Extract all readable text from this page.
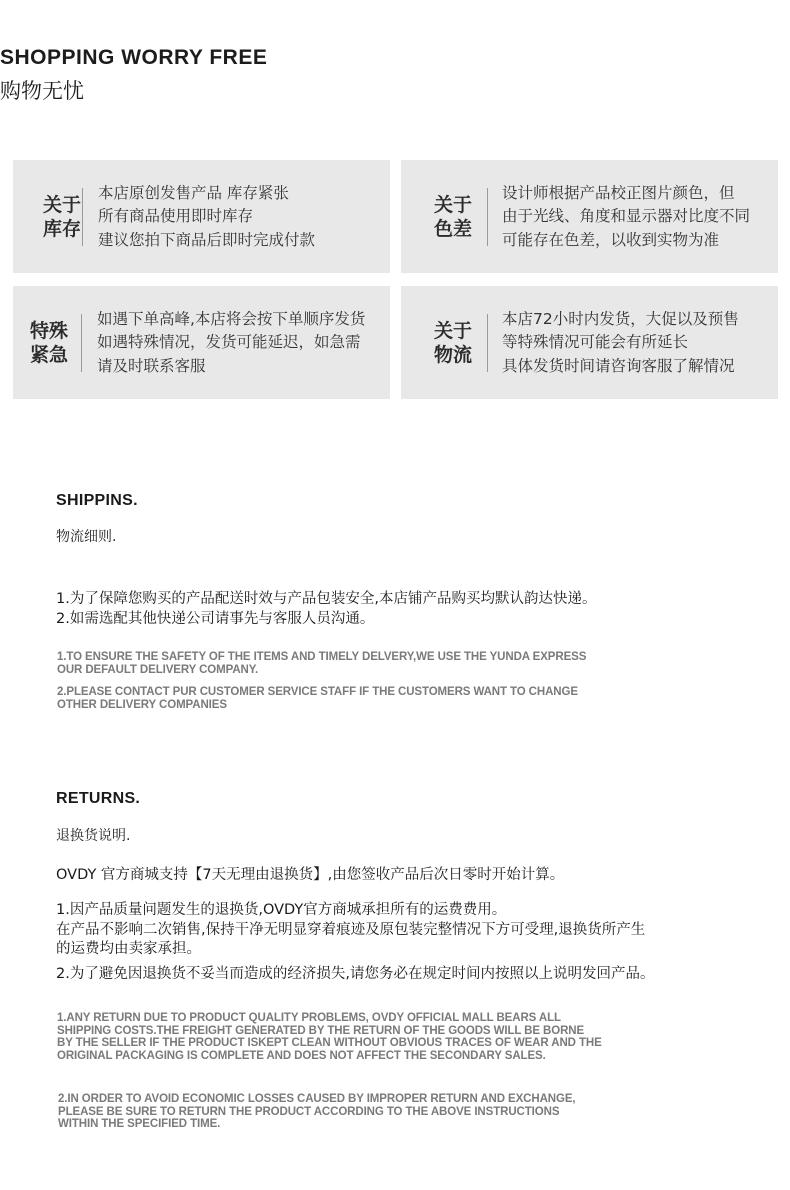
SHOPPING WORRY FREE
购物无忧
关于
库存
本店原创发售产品 库存紧张
所有商品使用即时库存
建议您拍下商品后即时完成付款
关于
色差
设计师根据产品校正图片颜色，但
由于光线、角度和显示器对比度不同
可能存在色差，以收到实物为准
特殊
紧急
如遇下单高峰,本店将会按下单顺序发货
如遇特殊情况，发货可能延迟，如急需
请及时联系客服
关于
物流
本店72小时内发货，大促以及预售
等特殊情况可能会有所延长
具体发货时间请咨询客服了解情况
SHIPPINS.
物流细则.
1.为了保障您购买的产品配送时效与产品包装安全,本店铺产品购买均默认韵达快递。
2.如需选配其他快递公司请事先与客服人员沟通。
1.TO ENSURE THE SAFETY OF THE ITEMS AND TIMELY DELVERY,WE USE THE YUNDA EXPRESS
OUR DEFAULT DELIVERY COMPANY.
2.PLEASE CONTACT PUR CUSTOMER SERVICE STAFF IF THE CUSTOMERS WANT TO CHANGE
OTHER DELIVERY COMPANIES
RETURNS.
退换货说明.
OVDY 官方商城支持【7天无理由退换货】,由您签收产品后次日零时开始计算。
1.因产品质量问题发生的退换货,OVDY官方商城承担所有的运费费用。
在产品不影响二次销售,保持干净无明显穿着痕迹及原包装完整情况下方可受理,退换货所产生
的运费均由卖家承担。
2.为了避免因退换货不妥当而造成的经济损失,请您务必在规定时间内按照以上说明发回产品。
1.ANY RETURN DUE TO PRODUCT QUALITY PROBLEMS, OVDY OFFICIAL MALL BEARS ALL
SHIPPING COSTS.THE FREIGHT GENERATED BY THE RETURN OF THE GOODS WILL BE BORNE
BY THE SELLER IF THE PRODUCT ISKEPT CLEAN WITHOUT OBVIOUS TRACES OF WEAR AND THE
ORIGINAL PACKAGING IS COMPLETE AND DOES NOT AFFECT THE SECONDARY SALES.
2.IN ORDER TO AVOID ECONOMIC LOSSES CAUSED BY IMPROPER RETURN AND EXCHANGE,
PLEASE BE SURE TO RETURN THE PRODUCT ACCORDING TO THE ABOVE INSTRUCTIONS
WITHIN THE SPECIFIED TIME.
